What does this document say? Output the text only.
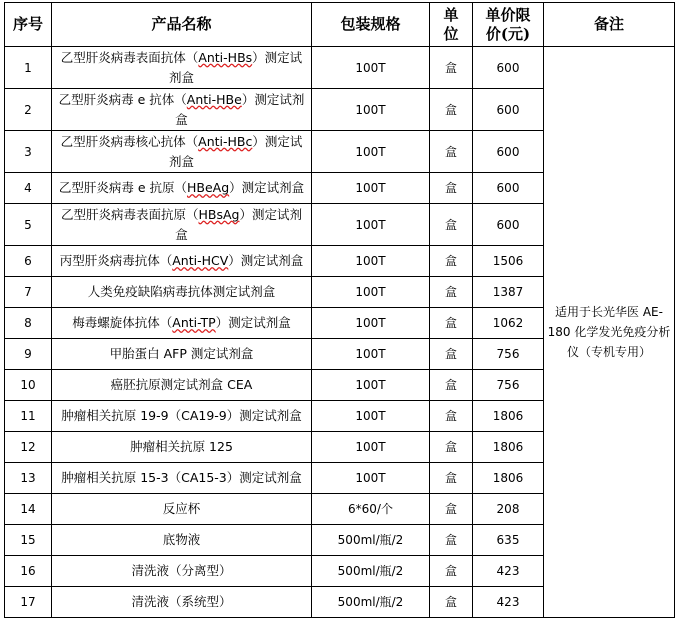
序号	产品名称	包装规格	单位	单价限价(元)	备注
1	乙型肝炎病毒表面抗体（Anti-HBs）测定试剂盒	100T	盒	600	适用于长光华医 AE-180 化学发光免疫分析仪（专机专用）
2	乙型肝炎病毒 e 抗体（Anti-HBe）测定试剂盒	100T	盒	600	
3	乙型肝炎病毒核心抗体（Anti-HBc）测定试剂盒	100T	盒	600	
4	乙型肝炎病毒 e 抗原（HBeAg）测定试剂盒	100T	盒	600	
5	乙型肝炎病毒表面抗原（HBsAg）测定试剂盒	100T	盒	600	
6	丙型肝炎病毒抗体（Anti-HCV）测定试剂盒	100T	盒	1506	
7	人类免疫缺陷病毒抗体测定试剂盒	100T	盒	1387	
8	梅毒螺旋体抗体（Anti-TP）测定试剂盒	100T	盒	1062	
9	甲胎蛋白 AFP 测定试剂盒	100T	盒	756	
10	癌胚抗原测定试剂盒 CEA	100T	盒	756	
11	肿瘤相关抗原 19-9（CA19-9）测定试剂盒	100T	盒	1806	
12	肿瘤相关抗原 125	100T	盒	1806	
13	肿瘤相关抗原 15-3（CA15-3）测定试剂盒	100T	盒	1806	
14	反应杯	6*60/个	盒	208	
15	底物液	500ml/瓶/2	盒	635	
16	清洗液（分离型）	500ml/瓶/2	盒	423	
17	清洗液（系统型）	500ml/瓶/2	盒	423	
